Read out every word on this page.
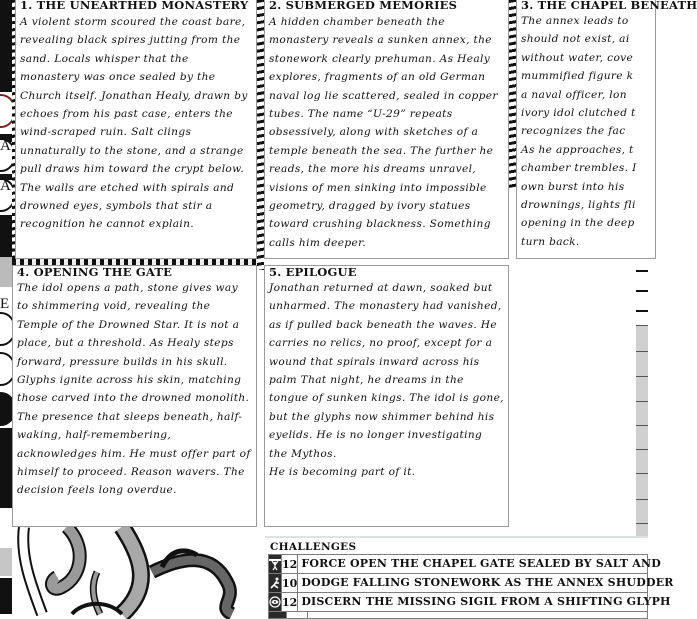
A
A
E
1. THE UNEARTHED MONASTERY

A violent storm scoured the coast bare, revealing black spires jutting from the sand. Locals whisper that the monastery was once sealed by the Church itself. Jonathan Healy, drawn by echoes from his past case, enters the wind-scraped ruin. Salt clings unnaturally to the stone, and a strange pull draws him toward the crypt below. The walls are etched with spirals and drowned eyes, symbols that stir a recognition he cannot explain.

2. SUBMERGED MEMORIES

A hidden chamber beneath the monastery reveals a sunken annex, the stonework clearly prehuman. As Healy explores, fragments of an old German naval log lie scattered, sealed in copper tubes. The name “U-29” repeats obsessively, along with sketches of a temple beneath the sea. The further he reads, the more his dreams unravel, visions of men sinking into impossible geometry, dragged by ivory statues toward crushing blackness. Something calls him deeper.

3. THE CHAPEL BENEATH

The annex leads to
should not exist, ai
without water, cove
mummified figure k
a naval officer, lon
ivory idol clutched t
recognizes the fac
As he approaches, t
chamber trembles. I
own burst into his
drownings, lights fli
opening in the deep
turn back.

4. OPENING THE GATE

The idol opens a path, stone gives way to shimmering void, revealing the Temple of the Drowned Star. It is not a place, but a threshold. As Healy steps forward, pressure builds in his skull. Glyphs ignite across his skin, matching those carved into the drowned monolith. The presence that sleeps beneath, half-waking, half-remembering, acknowledges him. He must offer part of himself to proceed. Reason wavers. The decision feels long overdue.

5. EPILOGUE

Jonathan returned at dawn, soaked but unharmed. The monastery had vanished, as if pulled back beneath the waves. He carries no relics, no proof, except for a wound that spirals inward across his palm That night, he dreams in the tongue of sunken kings. The idol is gone, but the glyphs now shimmer behind his eyelids. He is no longer investigating the Mythos.

He is becoming part of it.

CHALLENGES
12 FORCE OPEN THE CHAPEL GATE SEALED BY SALT AND
10 DODGE FALLING STONEWORK AS THE ANNEX SHUDDER
12 DISCERN THE MISSING SIGIL FROM A SHIFTING GLYPH
